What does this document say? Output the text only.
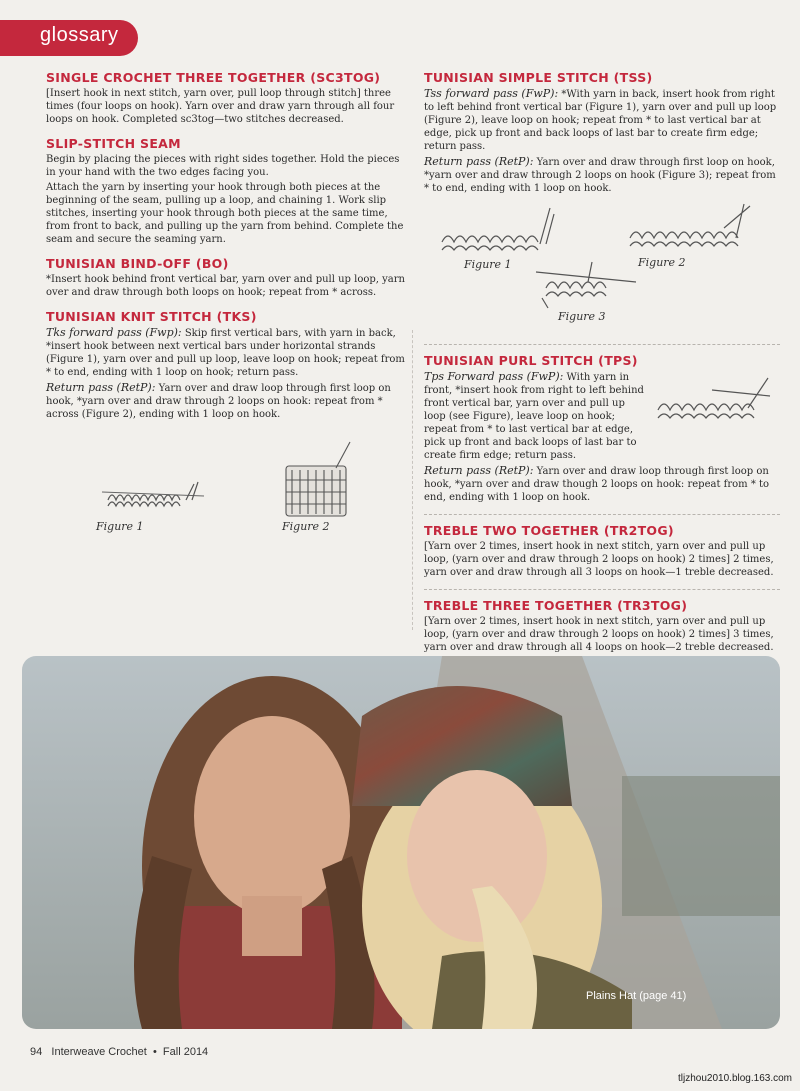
glossary
SINGLE CROCHET THREE TOGETHER (SC3TOG)

[Insert hook in next stitch, yarn over, pull loop through stitch] three times (four loops on hook). Yarn over and draw yarn through all four loops on hook. Completed sc3tog—two stitches decreased.

SLIP-STITCH SEAM

Begin by placing the pieces with right sides together. Hold the pieces in your hand with the two edges facing you.

Attach the yarn by inserting your hook through both pieces at the beginning of the seam, pulling up a loop, and chaining 1. Work slip stitches, inserting your hook through both pieces at the same time, from front to back, and pulling up the yarn from behind. Complete the seam and secure the seaming yarn.

TUNISIAN BIND-OFF (BO)

*Insert hook behind front vertical bar, yarn over and pull up loop, yarn over and draw through both loops on hook; repeat from * across.

TUNISIAN KNIT STITCH (TKS)

Tks forward pass (Fwp): Skip first vertical bars, with yarn in back, *insert hook between next vertical bars under horizontal strands (Figure 1), yarn over and pull up loop, leave loop on hook; repeat from * to end, ending with 1 loop on hook; return pass.

Return pass (RetP): Yarn over and draw loop through first loop on hook, *yarn over and draw through 2 loops on hook: repeat from * across (Figure 2), ending with 1 loop on hook.

Figure 1	Figure 2
TUNISIAN SIMPLE STITCH (TSS)

Tss forward pass (FwP): *With yarn in back, insert hook from right to left behind front vertical bar (Figure 1), yarn over and pull up loop (Figure 2), leave loop on hook; repeat from * to last vertical bar at edge, pick up front and back loops of last bar to create firm edge; return pass.

Return pass (RetP): Yarn over and draw through first loop on hook, *yarn over and draw through 2 loops on hook (Figure 3); repeat from * to end, ending with 1 loop on hook.

Figure 1	Figure 2
Figure 3
TUNISIAN PURL STITCH (TPS)

Tps Forward pass (FwP): With yarn in front, *insert hook from right to left behind front vertical bar, yarn over and pull up loop (see Figure), leave loop on hook; repeat from * to last vertical bar at edge, pick up front and back loops of last bar to create firm edge; return pass.

Return pass (RetP): Yarn over and draw loop through first loop on hook, *yarn over and draw though 2 loops on hook: repeat from * to end, ending with 1 loop on hook.

TREBLE TWO TOGETHER (TR2TOG)

[Yarn over 2 times, insert hook in next stitch, yarn over and pull up loop, (yarn over and draw through 2 loops on hook) 2 times] 2 times, yarn over and draw through all 3 loops on hook—1 treble decreased.

TREBLE THREE TOGETHER (TR3TOG)

[Yarn over 2 times, insert hook in next stitch, yarn over and pull up loop, (yarn over and draw through 2 loops on hook) 2 times] 3 times, yarn over and draw through all 4 loops on hook—2 treble decreased.

Plains Hat (page 41)
94 Interweave Crochet • Fall 2014
tljzhou2010.blog.163.com
